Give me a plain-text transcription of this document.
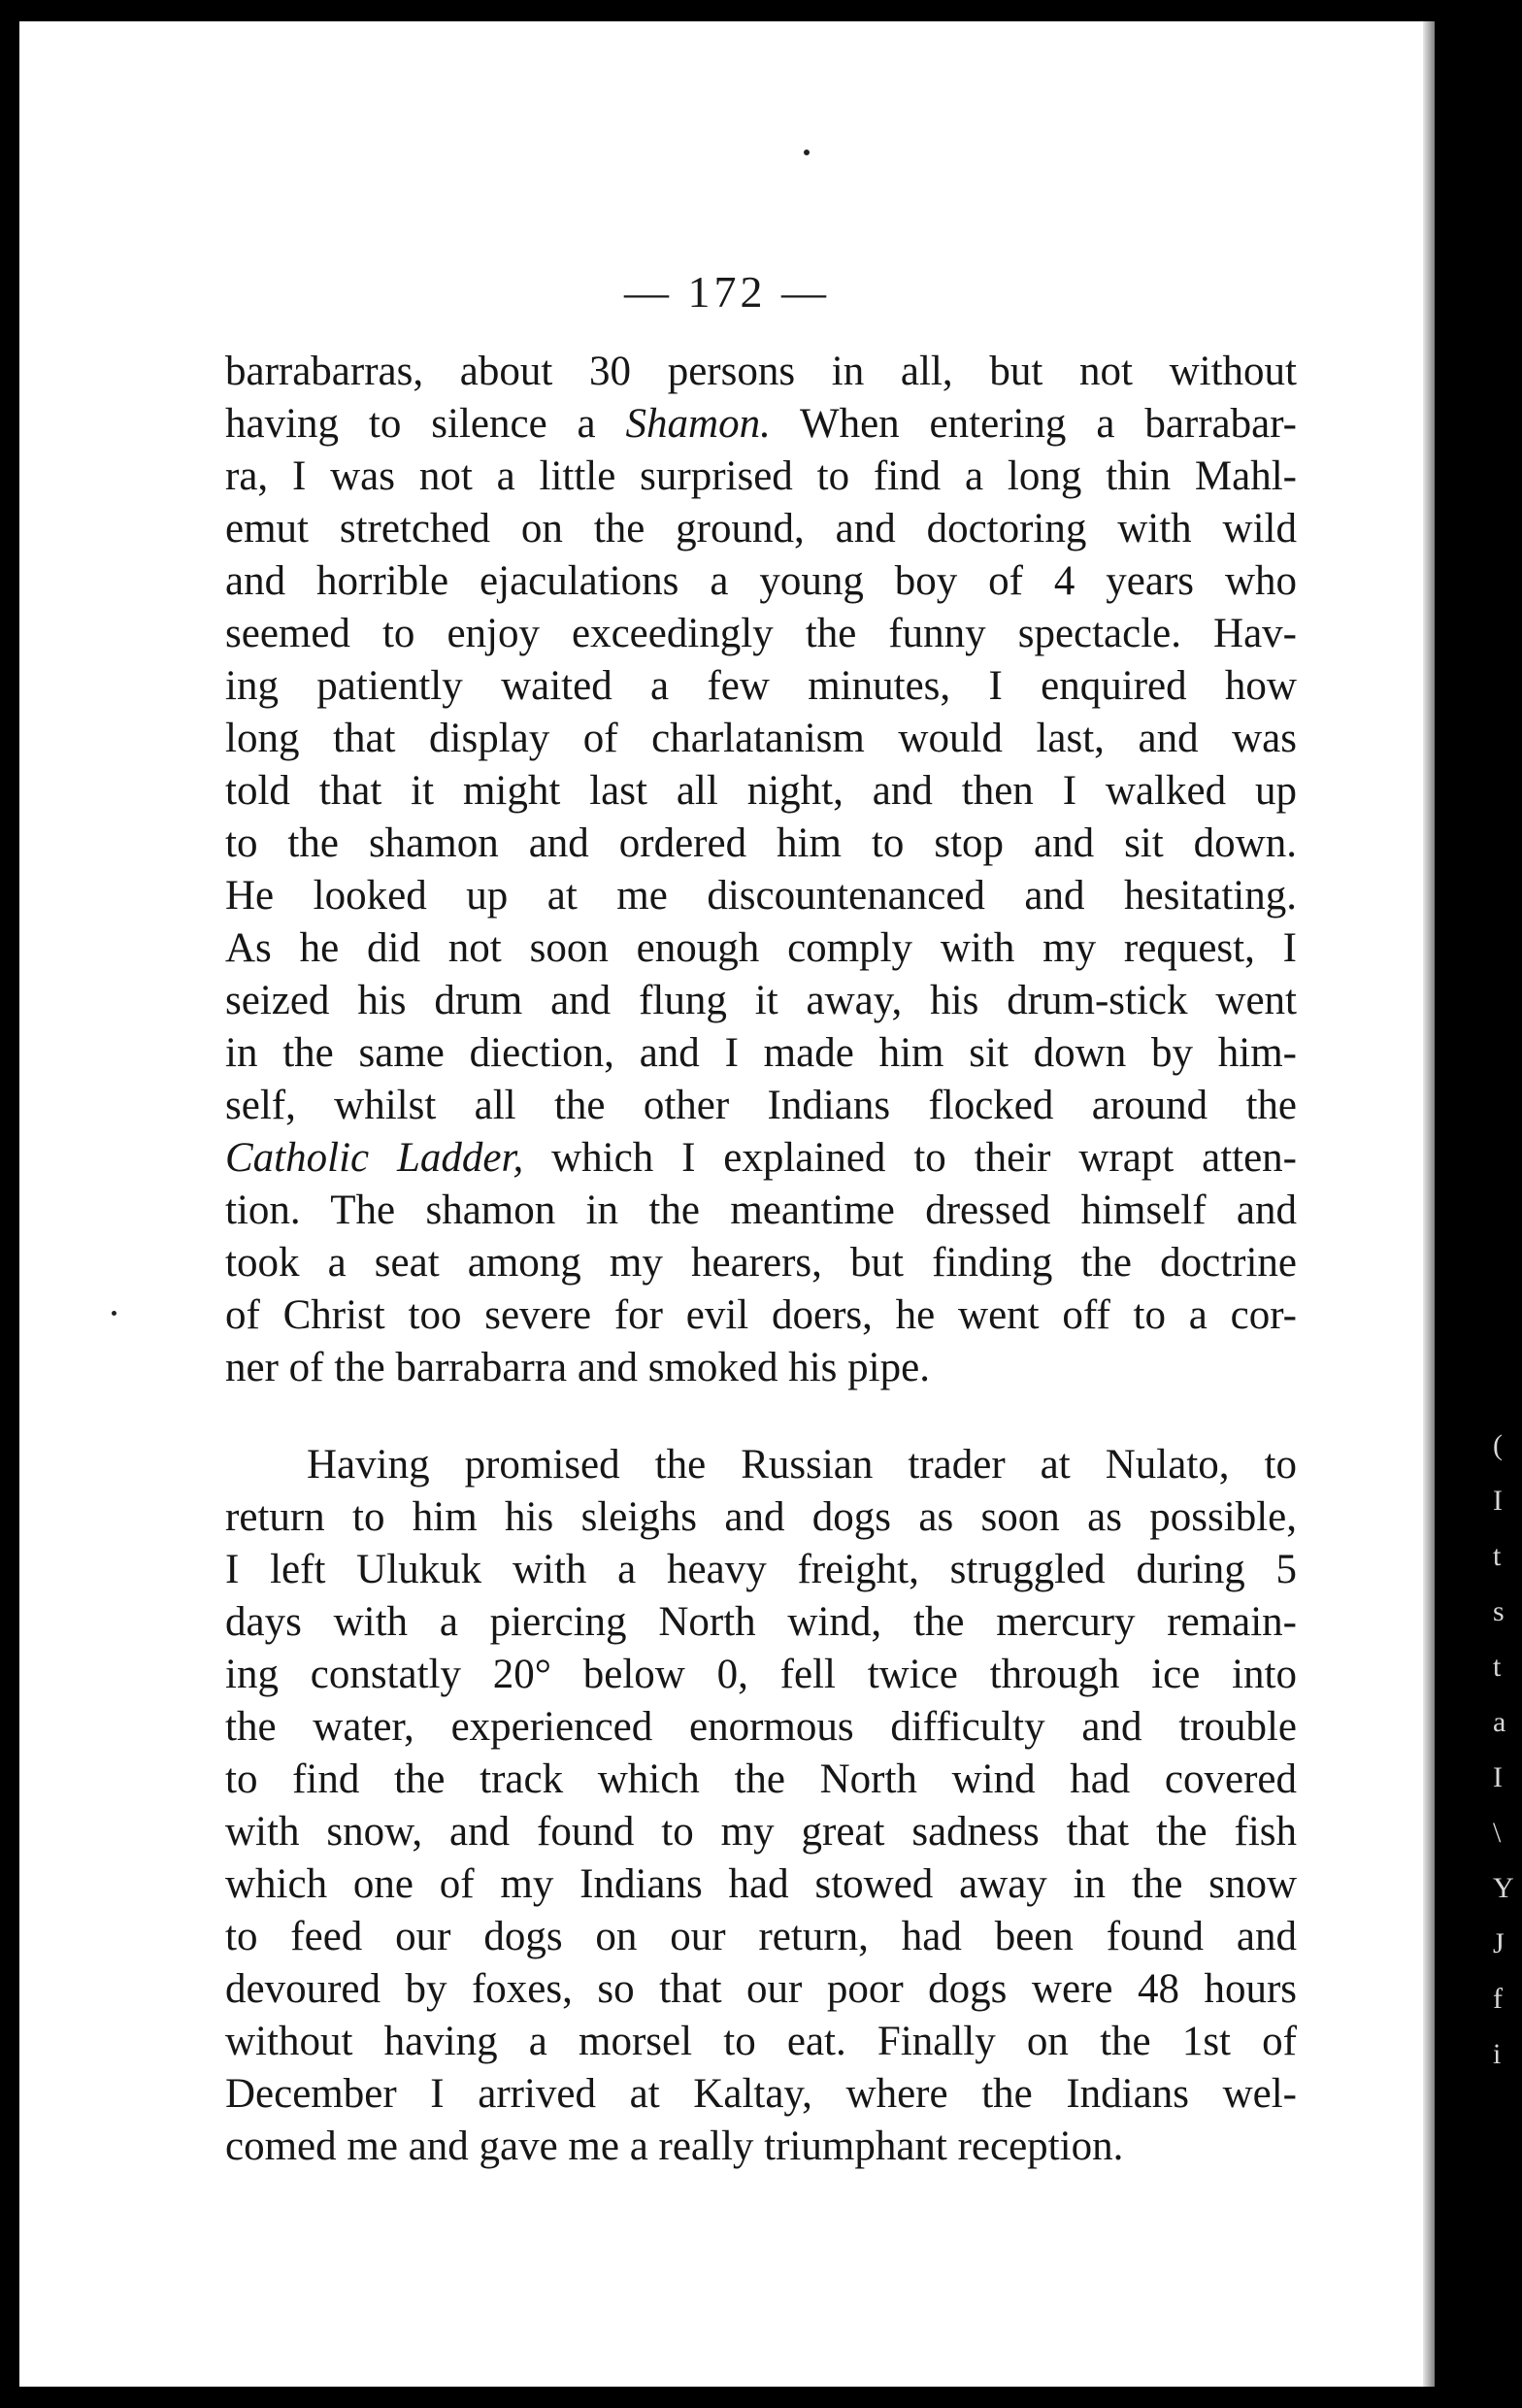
— 172 —
barrabarras, about 30 persons in all, but not without
having to silence a Shamon. When entering a barrabar-
ra, I was not a little surprised to find a long thin Mahl-
emut stretched on the ground, and doctoring with wild
and horrible ejaculations a young boy of 4 years who
seemed to enjoy exceedingly the funny spectacle. Hav-
ing patiently waited a few minutes, I enquired how
long that display of charlatanism would last, and was
told that it might last all night, and then I walked up
to the shamon and ordered him to stop and sit down.
He looked up at me discountenanced and hesitating.
As he did not soon enough comply with my request, I
seized his drum and flung it away, his drum-stick went
in the same diection, and I made him sit down by him-
self, whilst all the other Indians flocked around the
Catholic Ladder, which I explained to their wrapt atten-
tion. The shamon in the meantime dressed himself and
took a seat among my hearers, but finding the doctrine
of Christ too severe for evil doers, he went off to a cor-
ner of the barrabarra and smoked his pipe.
Having promised the Russian trader at Nulato, to
return to him his sleighs and dogs as soon as possible,
I left Ulukuk with a heavy freight, struggled during 5
days with a piercing North wind, the mercury remain-
ing constatly 20° below 0, fell twice through ice into
the water, experienced enormous difficulty and trouble
to find the track which the North wind had covered
with snow, and found to my great sadness that the fish
which one of my Indians had stowed away in the snow
to feed our dogs on our return, had been found and
devoured by foxes, so that our poor dogs were 48 hours
without having a morsel to eat. Finally on the 1st of
December I arrived at Kaltay, where the Indians wel-
comed me and gave me a really triumphant reception.
(
I
t
s
t
a
I
\
Y
J
f
i
